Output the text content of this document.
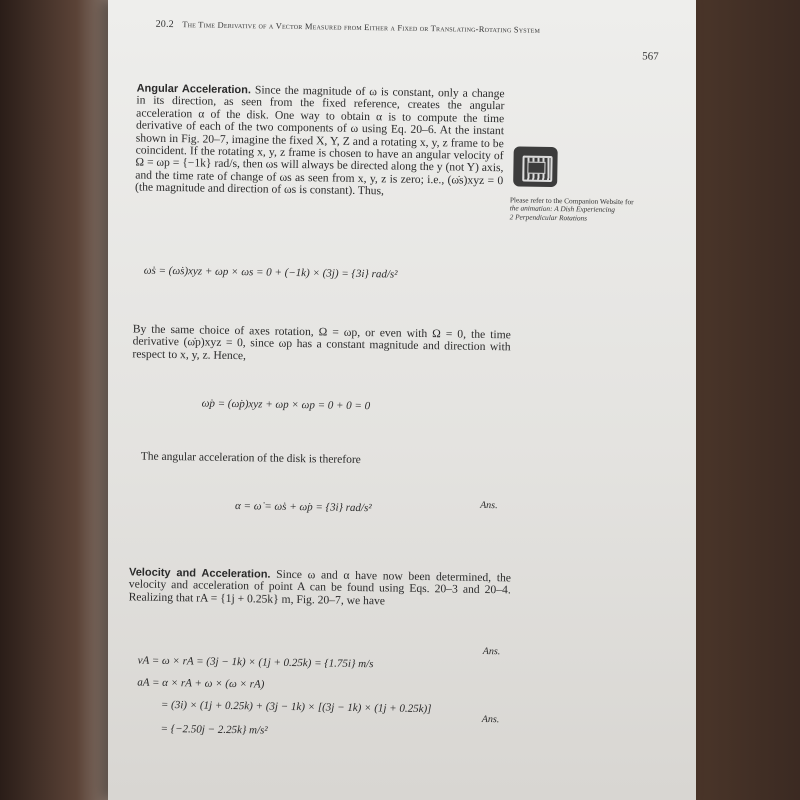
20.2 The Time Derivative of a Vector Measured from Either a Fixed or Translating-Rotating System
567
Angular Acceleration. Since the magnitude of ω is constant, only a change in its direction, as seen from the fixed reference, creates the angular acceleration α of the disk. One way to obtain α is to compute the time derivative of each of the two components of ω using Eq. 20–6. At the instant shown in Fig. 20–7, imagine the fixed X, Y, Z and a rotating x, y, z frame to be coincident. If the rotating x, y, z frame is chosen to have an angular velocity of Ω = ωp = {−1k} rad/s, then ωs will always be directed along the y (not Y) axis, and the time rate of change of ωs as seen from x, y, z is zero; i.e., (ω̇s)xyz = 0 (the magnitude and direction of ωs is constant). Thus,
Please refer to the Companion Website for
the animation: A Dish Experiencing
2 Perpendicular Rotations
ω̇s = (ω̇s)xyz + ωp × ωs = 0 + (−1k) × (3j) = {3i} rad/s²
By the same choice of axes rotation, Ω = ωp, or even with Ω = 0, the time derivative (ω̇p)xyz = 0, since ωp has a constant magnitude and direction with respect to x, y, z. Hence,
ω̇p = (ω̇p)xyz + ωp × ωp = 0 + 0 = 0
The angular acceleration of the disk is therefore
α = ω̇ = ω̇s + ω̇p = {3i} rad/s²	Ans.
Velocity and Acceleration. Since ω and α have now been determined, the velocity and acceleration of point A can be found using Eqs. 20–3 and 20–4. Realizing that rA = {1j + 0.25k} m, Fig. 20–7, we have
vA = ω × rA = (3j − 1k) × (1j + 0.25k) = {1.75i} m/s
Ans.
aA = α × rA + ω × (ω × rA)
= (3i) × (1j + 0.25k) + (3j − 1k) × [(3j − 1k) × (1j + 0.25k)]
Ans.
= {−2.50j − 2.25k} m/s²
